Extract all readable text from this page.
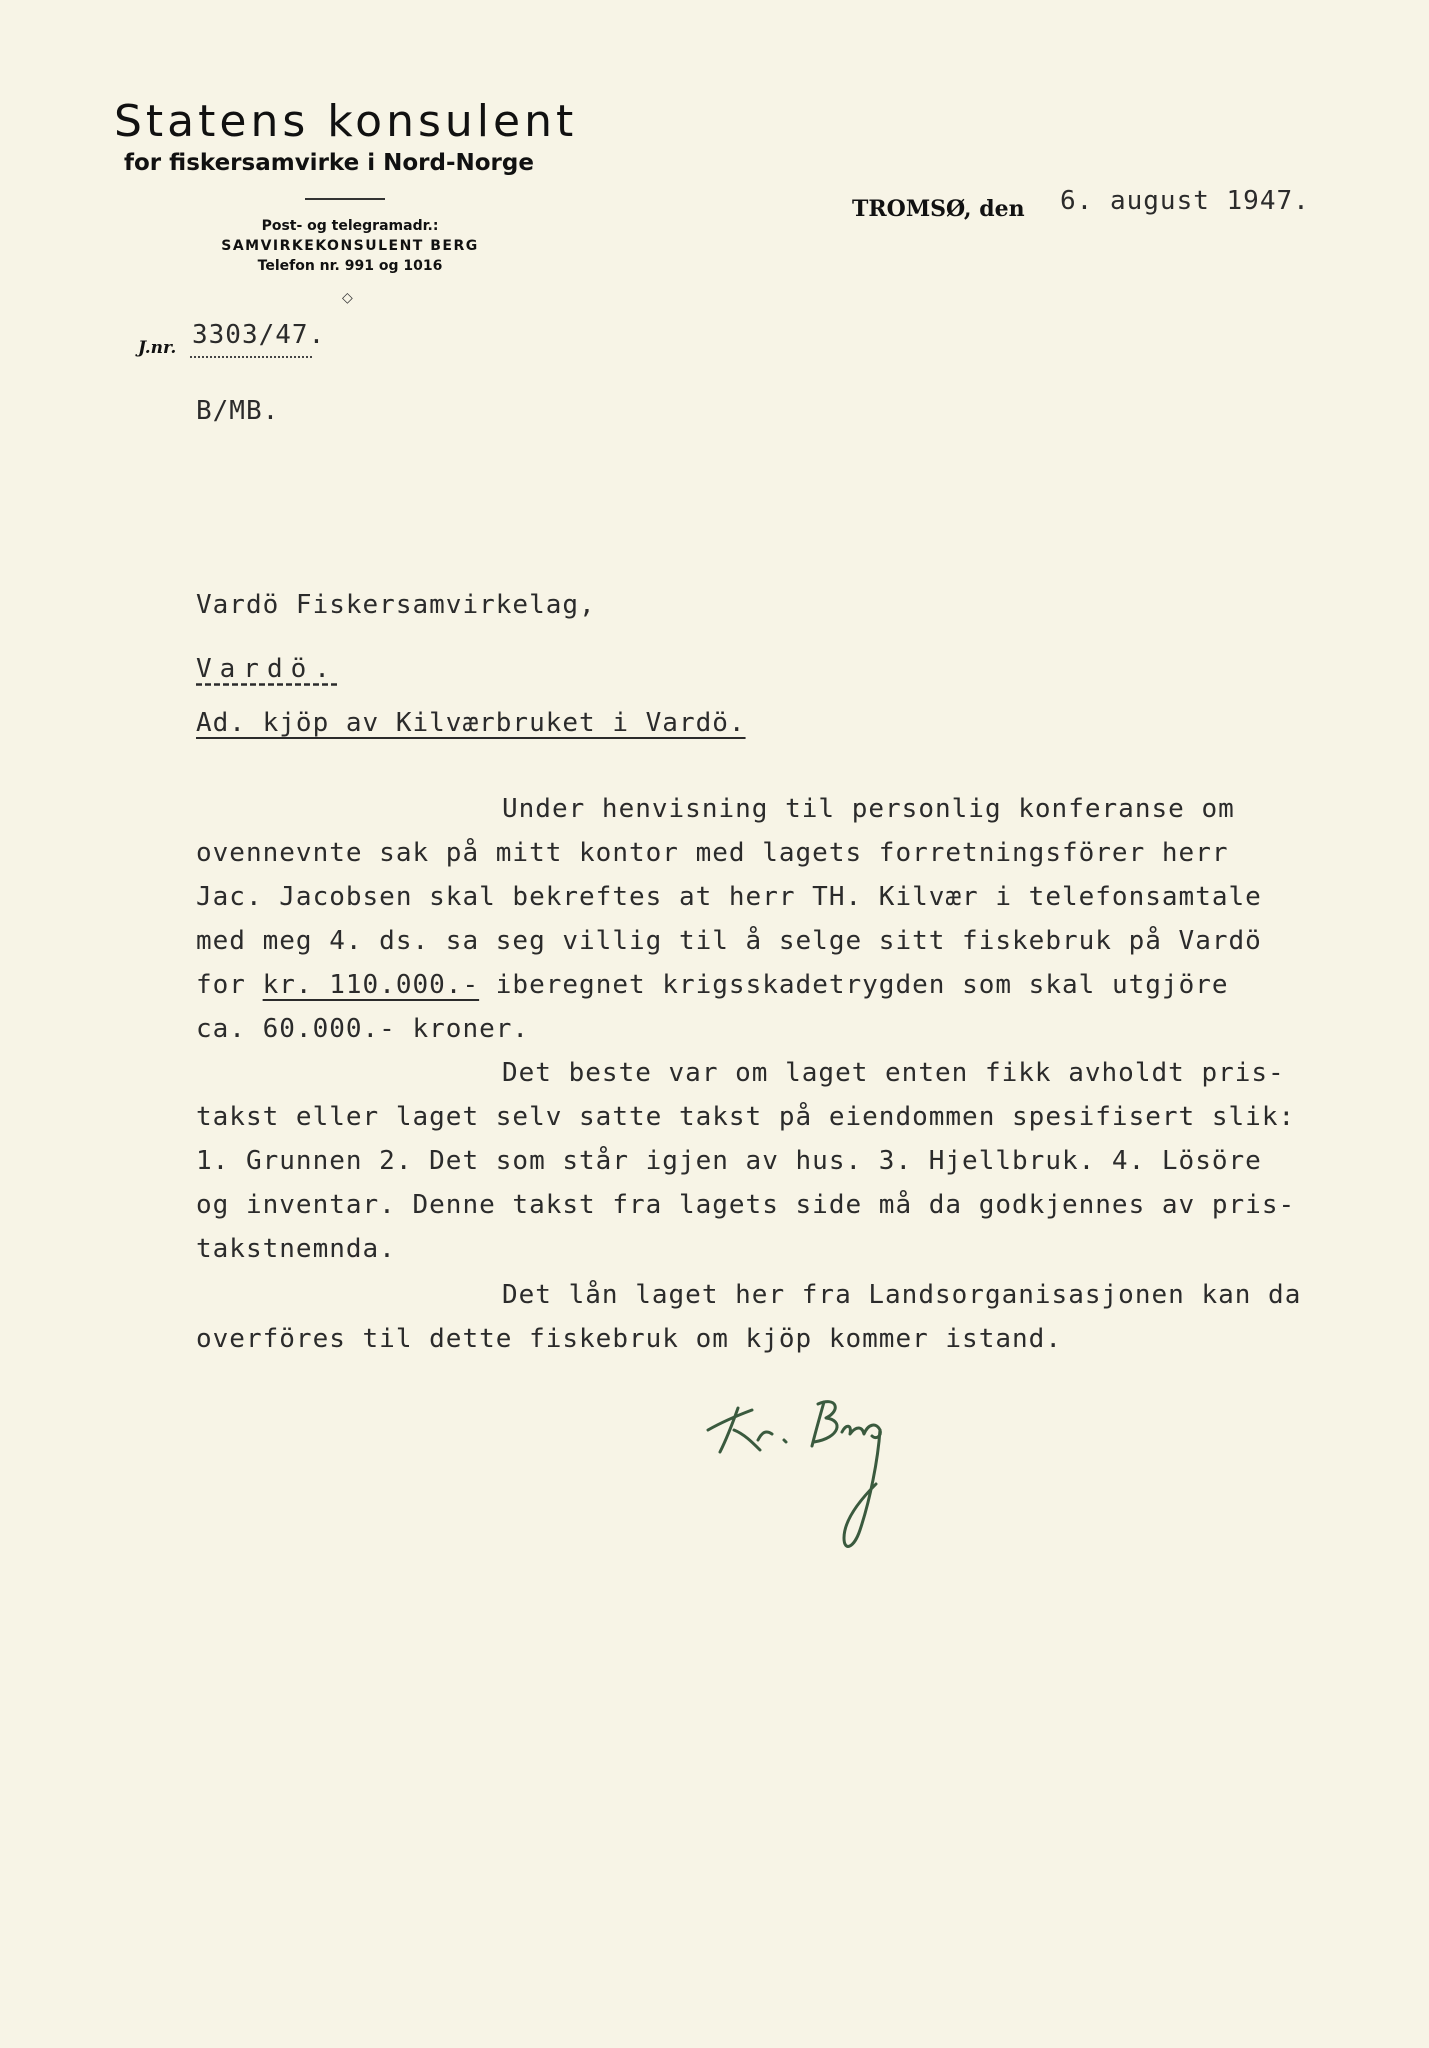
Statens konsulent
for fiskersamvirke i Nord-Norge
Post- og telegramadr.:
SAMVIRKEKONSULENT BERG
Telefon nr. 991 og 1016
◇
TROMSØ, den 6. august 1947.
J.nr. 3303/47.
B/MB.
Vardö Fiskersamvirkelag,
Vardö.
Ad. kjöp av Kilværbruket i Vardö.
Under henvisning til personlig konferanse om
ovennevnte sak på mitt kontor med lagets forretningsförer herr
Jac. Jacobsen skal bekreftes at herr TH. Kilvær i telefonsamtale
med meg 4. ds. sa seg villig til å selge sitt fiskebruk på Vardö
for kr. 110.000.- iberegnet krigsskadetrygden som skal utgjöre
ca. 60.000.- kroner.
Det beste var om laget enten fikk avholdt pris-
takst eller laget selv satte takst på eiendommen spesifisert slik:
1. Grunnen 2. Det som står igjen av hus. 3. Hjellbruk. 4. Lösöre
og inventar. Denne takst fra lagets side må da godkjennes av pris-
takstnemnda.
Det lån laget her fra Landsorganisasjonen kan da
overföres til dette fiskebruk om kjöp kommer istand.
